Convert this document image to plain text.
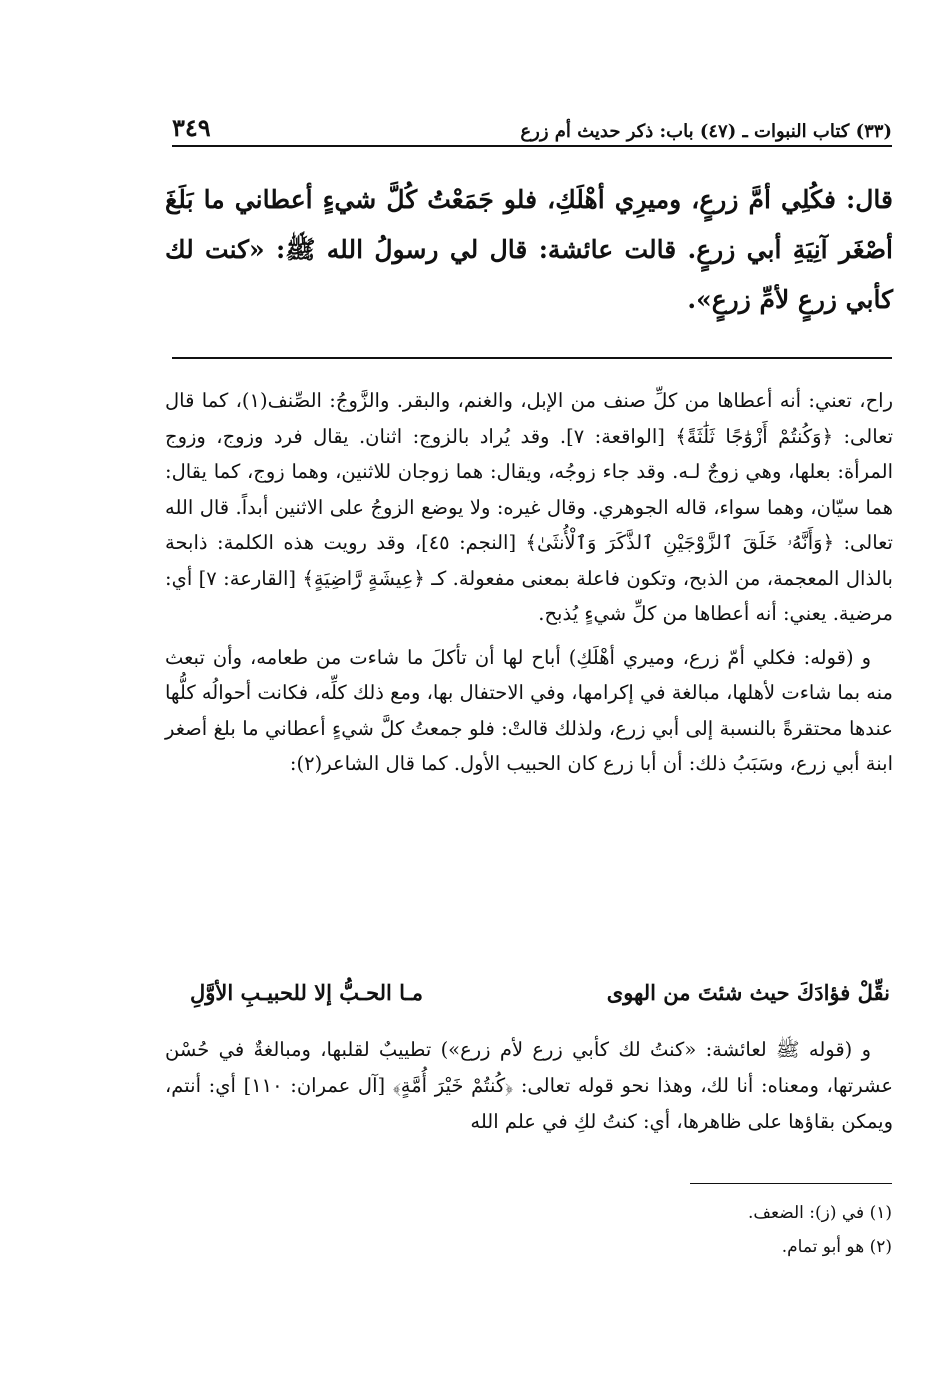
(٣٣) كتاب النبوات ـ (٤٧) باب: ذكر حديث أم زرع
٣٤٩
قال: فكُلِي أمَّ زرعٍ، وميرِي أهْلَكِ، فلو جَمَعْتُ كُلَّ شيءٍ أعطاني ما بَلَغَ أصْغَر آنِيَةِ أبي زرعٍ. قالت عائشة: قال لي رسولُ الله ﷺ: «كنت لك كأبي زرعٍ لأمِّ زرعٍ».

راح، تعني: أنه أعطاها من كلِّ صنف من الإبل، والغنم، والبقر. والزَّوجُ: الصِّنف(١)، كما قال تعالى: ﴿وَكُنتُمْ أَزْوَٰجًا ثَلَٰثَةً﴾ [الواقعة: ٧]. وقد يُراد بالزوج: اثنان. يقال فرد وزوج، وزوج المرأة: بعلها، وهي زوجٌ لـه. وقد جاء زوجُه، ويقال: هما زوجان للاثنين، وهما زوج، كما يقال: هما سيّان، وهما سواء، قاله الجوهري. وقال غيره: ولا يوضع الزوجُ على الاثنين أبداً. قال الله تعالى: ﴿وَأَنَّهُۥ خَلَقَ ٱلزَّوْجَيْنِ ٱلذَّكَرَ وَٱلْأُنثَىٰ﴾ [النجم: ٤٥]، وقد رويت هذه الكلمة: ذابحة بالذال المعجمة، من الذبح، وتكون فاعلة بمعنى مفعولة. كـ ﴿عِيشَةٍ رَّاضِيَةٍ﴾ [القارعة: ٧] أي: مرضية. يعني: أنه أعطاها من كلِّ شيءٍ يُذبح.

و (قوله: فكلي أمّ زرع، وميري أهْلَكِ) أباح لها أن تأكلَ ما شاءت من طعامه، وأن تبعث منه بما شاءت لأهلها، مبالغة في إكرامها، وفي الاحتفال بها، ومع ذلك كلِّه، فكانت أحوالُه كلُّها عندها محتقرةً بالنسبة إلى أبي زرع، ولذلك قالتْ: فلو جمعتُ كلَّ شيءٍ أعطاني ما بلغ أصغر ابنة أبي زرع، وسَبَبُ ذلك: أن أبا زرع كان الحبيب الأول. كما قال الشاعر(٢):

نقِّلْ فؤادَكَ حيث شئتَ من الهوى
مـا الحـبُّ إلا للحبيـبِ الأوَّلِ

و (قوله ﷺ لعائشة: «كنتُ لك كأبي زرع لأم زرع») تطييبٌ لقلبها، ومبالغةٌ في حُسْن عشرتها، ومعناه: أنا لك، وهذا نحو قوله تعالى: ﴿كُنتُمْ خَيْرَ أُمَّةٍ﴾ [آل عمران: ١١٠] أي: أنتم، ويمكن بقاؤها على ظاهرها، أي: كنتُ لكِ في علم الله

(١) في (ز): الضعف.
(٢) هو أبو تمام.
